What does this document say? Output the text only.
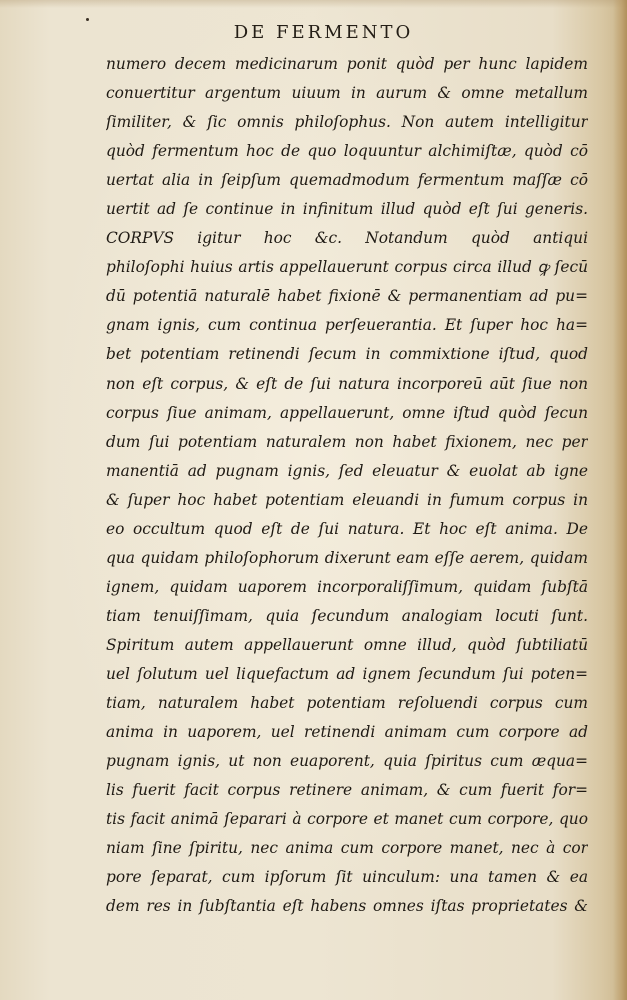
DE FERMENTO
numero decem medicinarum ponit quòd per hunc lapidem
conuertitur argentum uiuum in aurum & omne metallum
ſimiliter, & ſic omnis philoſophus. Non autem intelligitur
quòd fermentum hoc de quo loquuntur alchimiſtæ, quòd cō
uertat alia in ſeipſum quemadmodum fermentum maſſæ cō
uertit ad ſe continue in infinitum illud quòd eſt ſui generis.
CORPVS igitur hoc &c. Notandum quòd antiqui
philoſophi huius artis appellauerunt corpus circa illud ꝙ ſecū
dū potentiā naturalē habet fixionē & permanentiam ad pu=
gnam ignis, cum continua perſeuerantia. Et ſuper hoc ha=
bet potentiam retinendi ſecum in commixtione iſtud, quod
non eſt corpus, & eſt de ſui natura incorporeū aūt ſiue non
corpus ſiue animam, appellauerunt, omne iſtud quòd ſecun
dum ſui potentiam naturalem non habet fixionem, nec per
manentiā ad pugnam ignis, ſed eleuatur & euolat ab igne
& ſuper hoc habet potentiam eleuandi in fumum corpus in
eo occultum quod eſt de ſui natura. Et hoc eſt anima. De
qua quidam philoſophorum dixerunt eam eſſe aerem, quidam
ignem, quidam uaporem incorporaliſſimum, quidam ſubſtā
tiam tenuiſſimam, quia ſecundum analogiam locuti ſunt.
Spiritum autem appellauerunt omne illud, quòd ſubtiliatū
uel ſolutum uel liquefactum ad ignem ſecundum ſui poten=
tiam, naturalem habet potentiam reſoluendi corpus cum
anima in uaporem, uel retinendi animam cum corpore ad
pugnam ignis, ut non euaporent, quia ſpiritus cum æqua=
lis fuerit facit corpus retinere animam, & cum fuerit for=
tis facit animā ſeparari à corpore et manet cum corpore, quo
niam ſine ſpiritu, nec anima cum corpore manet, nec à cor
pore ſeparat, cum ipſorum ſit uinculum: una tamen & ea
dem res in ſubſtantia eſt habens omnes iſtas proprietates &
